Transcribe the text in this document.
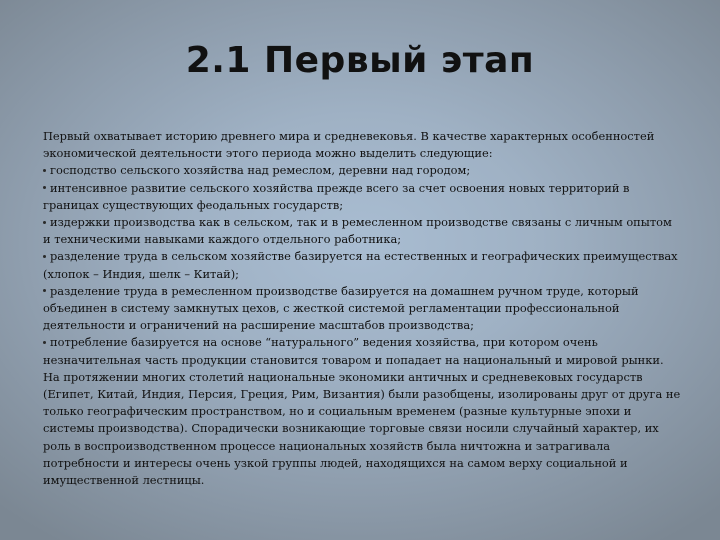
2.1 Первый этап

Первый охватывает историю древнего мира и средневековья. В качестве характерных особенностей экономической деятельности этого периода можно выделить следующие:

господство сельского хозяйства над ремеслом, деревни над городом;

интенсивное развитие сельского хозяйства прежде всего за счет освоения новых территорий в границах существующих феодальных государств;

издержки производства как в сельском, так и в ремесленном производстве связаны с личным опытом и техническими навыками каждого отдельного работника;

разделение труда в сельском хозяйстве базируется на естественных и географических преимуществах (хлопок – Индия, шелк – Китай);

разделение труда в ремесленном производстве базируется на домашнем ручном труде, который объединен в систему замкнутых цехов, с жесткой системой регламентации профессиональной деятельности и ограничений на расширение масштабов производства;

потребление базируется на основе “натурального” ведения хозяйства, при котором очень незначительная часть продукции становится товаром и попадает на национальный и мировой рынки.

На протяжении многих столетий национальные экономики античных и средневековых государств (Египет, Китай, Индия, Персия, Греция, Рим, Византия) были разобщены, изолированы друг от друга не только географическим пространством, но и социальным временем (разные культурные эпохи и системы производства). Спорадически возникающие торговые связи носили случайный характер, их роль в воспроизводственном процессе национальных хозяйств была ничтожна и затрагивала потребности и интересы очень узкой группы людей, находящихся на самом верху социальной и имущественной лестницы.
